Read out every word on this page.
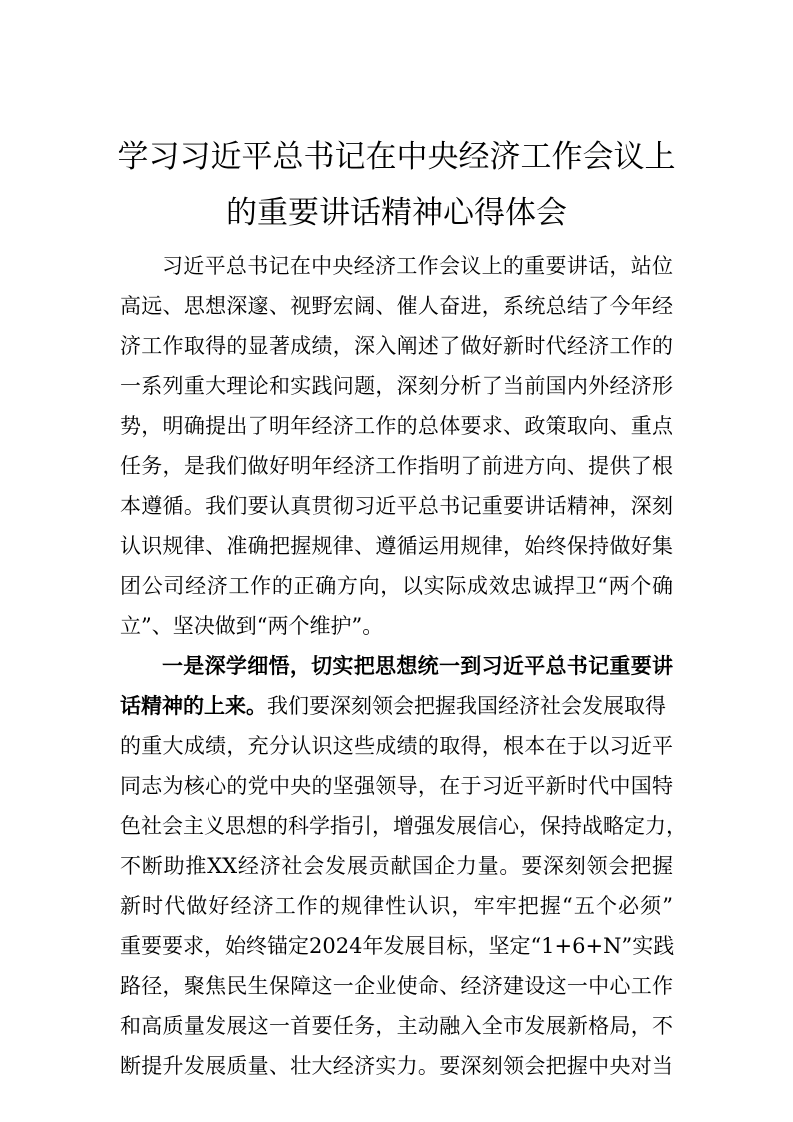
学习习近平总书记在中央经济工作会议上
的重要讲话精神心得体会
习近平总书记在中央经济工作会议上的重要讲话，站位
高远、思想深邃、视野宏阔、催人奋进，系统总结了今年经
济工作取得的显著成绩，深入阐述了做好新时代经济工作的
一系列重大理论和实践问题，深刻分析了当前国内外经济形
势，明确提出了明年经济工作的总体要求、政策取向、重点
任务，是我们做好明年经济工作指明了前进方向、提供了根
本遵循。我们要认真贯彻习近平总书记重要讲话精神，深刻
认识规律、准确把握规律、遵循运用规律，始终保持做好集
团公司经济工作的正确方向，以实际成效忠诚捍卫“两个确
立”、坚决做到“两个维护”。
一是深学细悟，切实把思想统一到习近平总书记重要讲
话精神的上来。我们要深刻领会把握我国经济社会发展取得
的重大成绩，充分认识这些成绩的取得，根本在于以习近平
同志为核心的党中央的坚强领导，在于习近平新时代中国特
色社会主义思想的科学指引，增强发展信心，保持战略定力，
不断助推XX经济社会发展贡献国企力量。要深刻领会把握
新时代做好经济工作的规律性认识，牢牢把握“五个必须”
重要要求，始终锚定2024年发展目标，坚定“1+6+N”实践
路径，聚焦民生保障这一企业使命、经济建设这一中心工作
和高质量发展这一首要任务，主动融入全市发展新格局，不
断提升发展质量、壮大经济实力。要深刻领会把握中央对当
